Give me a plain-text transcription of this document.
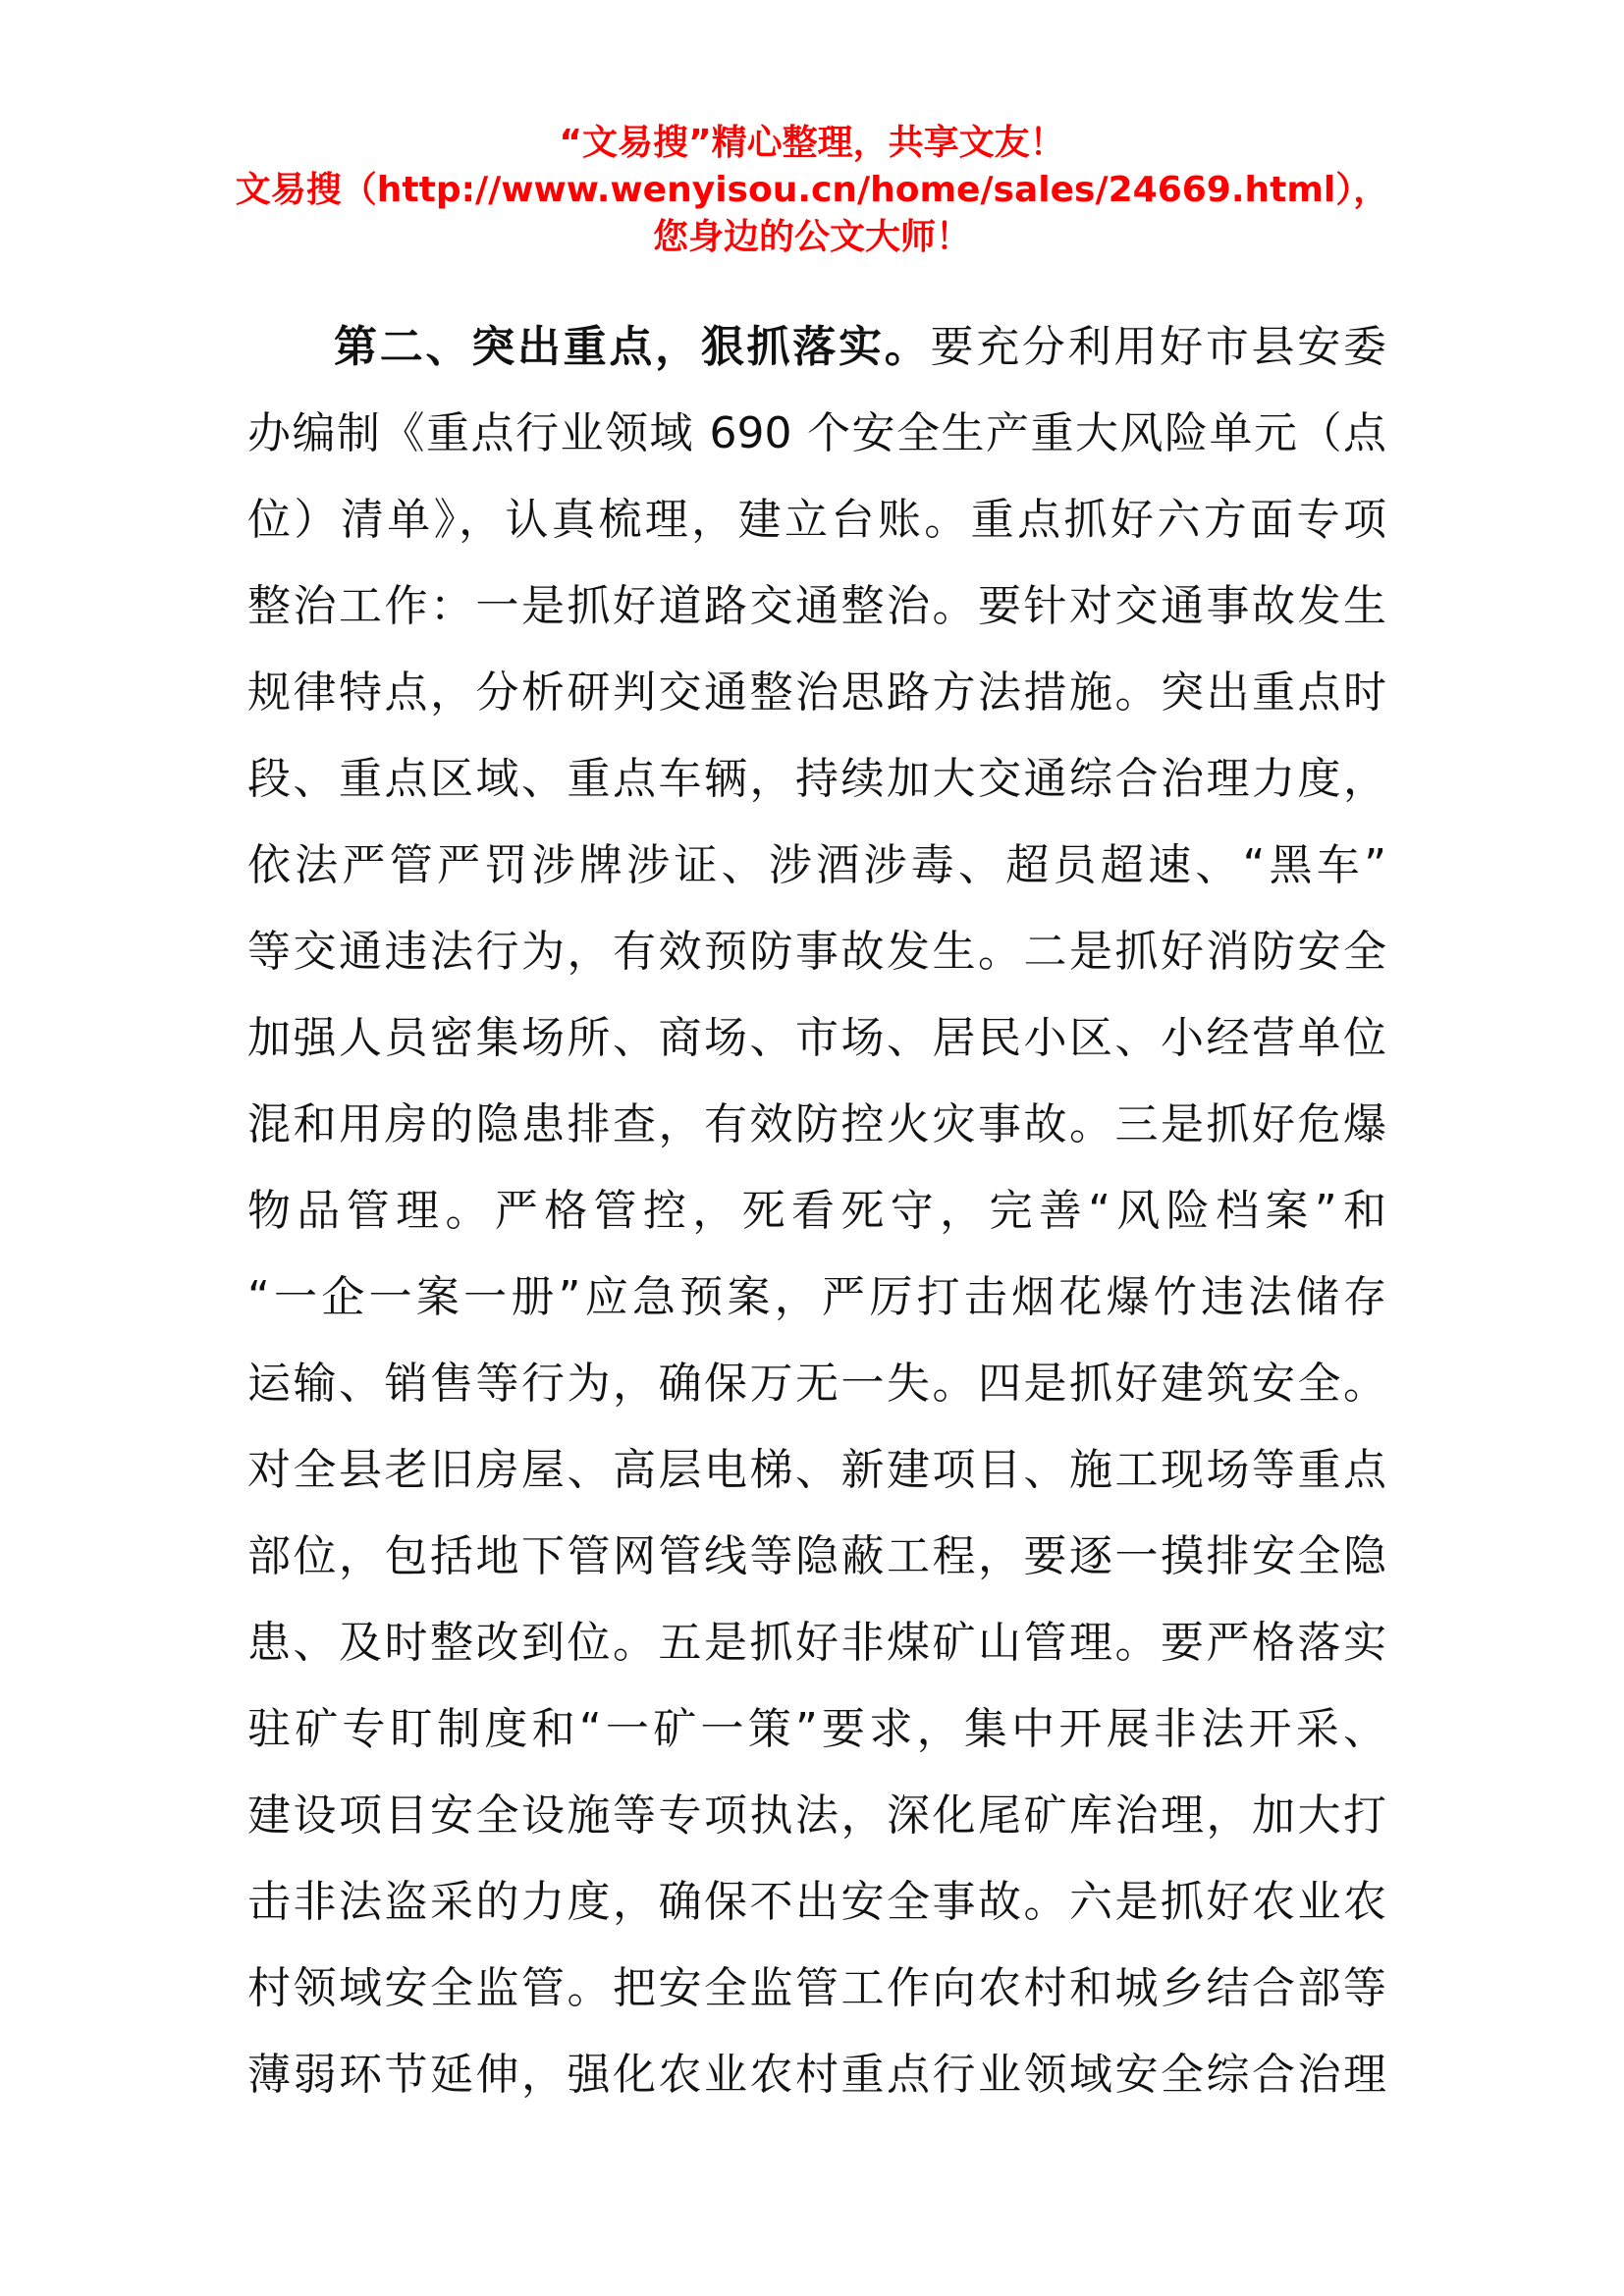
“文易搜”精心整理，共享文友！
文易搜（http://www.wenyisou.cn/home/sales/24669.html），
您身边的公文大师！
第二、突出重点，狠抓落实。要充分利用好市县安委
办编制《重点行业领域 690 个安全生产重大风险单元（点
位）清单》，认真梳理，建立台账。重点抓好六方面专项
整治工作：一是抓好道路交通整治。要针对交通事故发生
规律特点，分析研判交通整治思路方法措施。突出重点时
段、重点区域、重点车辆，持续加大交通综合治理力度，
依法严管严罚涉牌涉证、涉酒涉毒、超员超速、“黑车”
等交通违法行为，有效预防事故发生。二是抓好消防安全
加强人员密集场所、商场、市场、居民小区、小经营单位
混和用房的隐患排查，有效防控火灾事故。三是抓好危爆
物品管理。严格管控，死看死守，完善“风险档案”和
“一企一案一册”应急预案，严厉打击烟花爆竹违法储存
运输、销售等行为，确保万无一失。四是抓好建筑安全。
对全县老旧房屋、高层电梯、新建项目、施工现场等重点
部位，包括地下管网管线等隐蔽工程，要逐一摸排安全隐
患、及时整改到位。五是抓好非煤矿山管理。要严格落实
驻矿专盯制度和“一矿一策”要求，集中开展非法开采、
建设项目安全设施等专项执法，深化尾矿库治理，加大打
击非法盗采的力度，确保不出安全事故。六是抓好农业农
村领域安全监管。把安全监管工作向农村和城乡结合部等
薄弱环节延伸，强化农业农村重点行业领域安全综合治理
